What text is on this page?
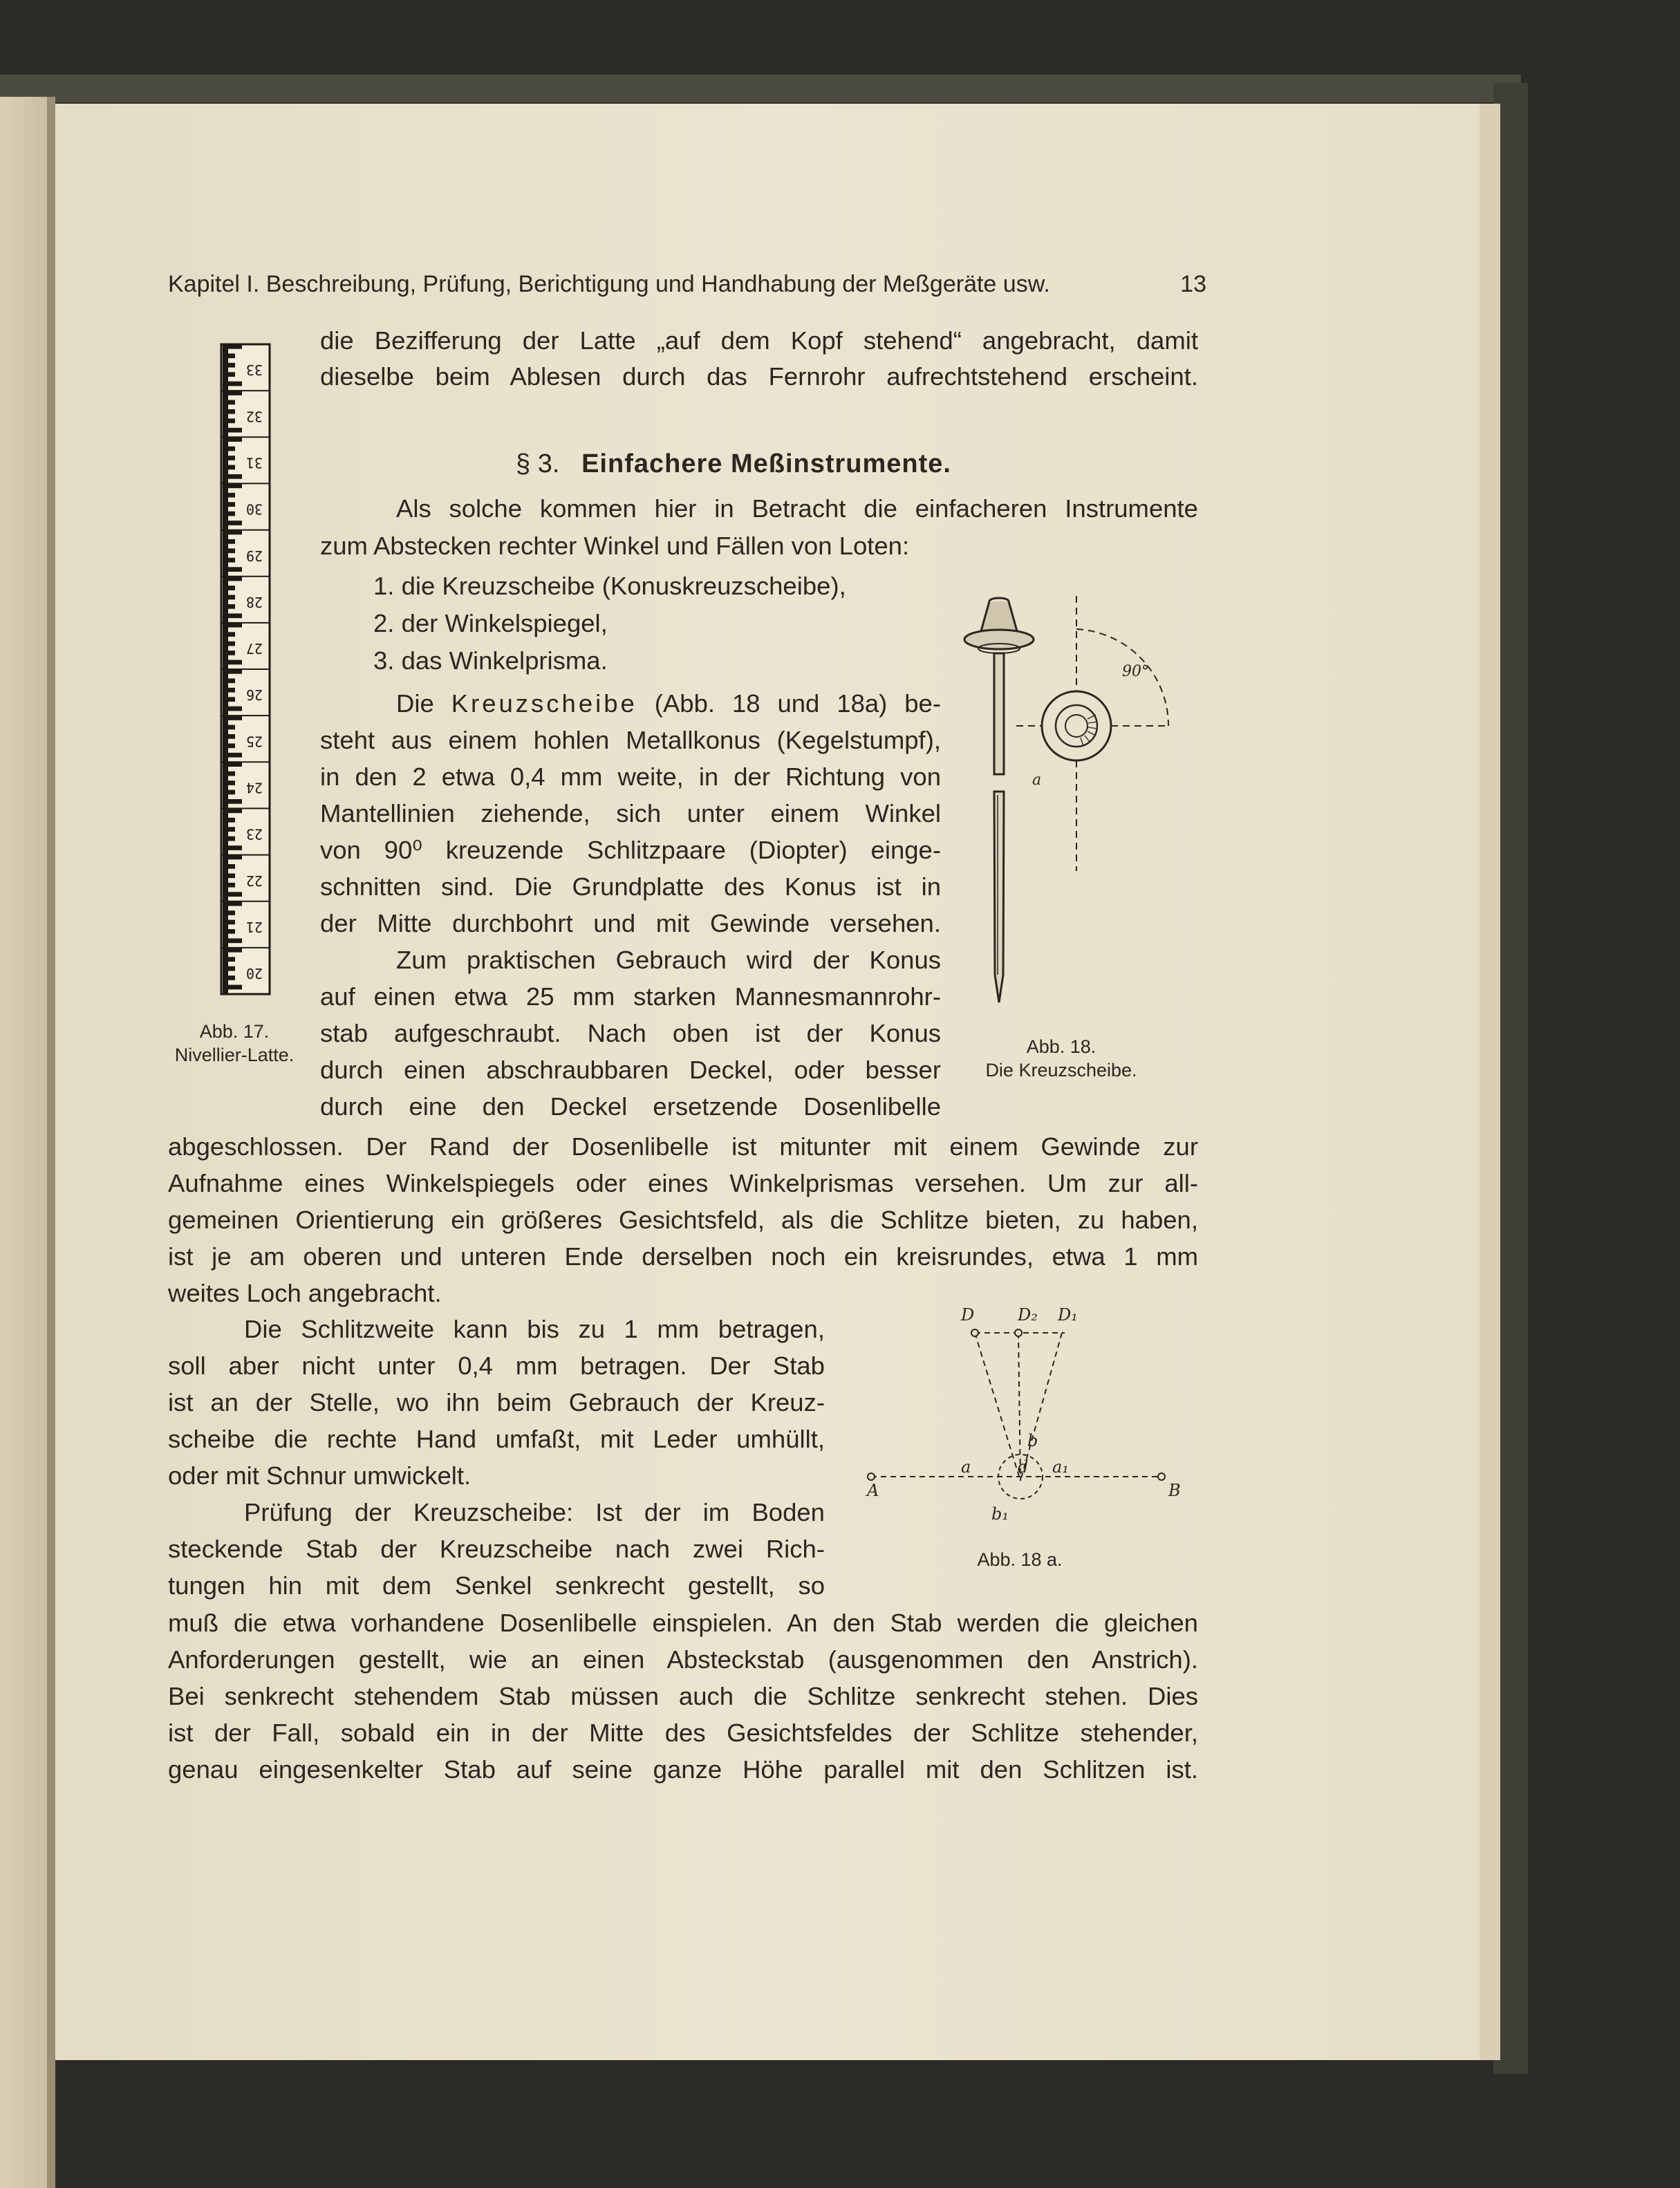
Kapitel I. Beschreibung, Prüfung, Berichtigung und Handhabung der Meßgeräte usw.	13
die Bezifferung der Latte „auf dem Kopf stehend“ angebracht, damit
dieselbe beim Ablesen durch das Fernrohr aufrechtstehend erscheint.
§ 3. Einfachere Meßinstrumente.
Als solche kommen hier in Betracht die einfacheren Instrumente
zum Abstecken rechter Winkel und Fällen von Loten:
1. die Kreuzscheibe (Konuskreuzscheibe),
2. der Winkelspiegel,
3. das Winkelprisma.
Die Kreuzscheibe (Abb. 18 und 18a) be-
steht aus einem hohlen Metallkonus (Kegelstumpf),
in den 2 etwa 0,4 mm weite, in der Richtung von
Mantellinien ziehende, sich unter einem Winkel
von 90⁰ kreuzende Schlitzpaare (Diopter) einge-
schnitten sind. Die Grundplatte des Konus ist in
der Mitte durchbohrt und mit Gewinde versehen.
Zum praktischen Gebrauch wird der Konus
auf einen etwa 25 mm starken Mannesmannrohr-
stab aufgeschraubt. Nach oben ist der Konus
durch einen abschraubbaren Deckel, oder besser
durch eine den Deckel ersetzende Dosenlibelle
abgeschlossen. Der Rand der Dosenlibelle ist mitunter mit einem Gewinde zur
Aufnahme eines Winkelspiegels oder eines Winkelprismas versehen. Um zur all-
gemeinen Orientierung ein größeres Gesichtsfeld, als die Schlitze bieten, zu haben,
ist je am oberen und unteren Ende derselben noch ein kreisrundes, etwa 1 mm
weites Loch angebracht.
Die Schlitzweite kann bis zu 1 mm betragen,
soll aber nicht unter 0,4 mm betragen. Der Stab
ist an der Stelle, wo ihn beim Gebrauch der Kreuz-
scheibe die rechte Hand umfaßt, mit Leder umhüllt,
oder mit Schnur umwickelt.
Prüfung der Kreuzscheibe: Ist der im Boden
steckende Stab der Kreuzscheibe nach zwei Rich-
tungen hin mit dem Senkel senkrecht gestellt, so
muß die etwa vorhandene Dosenlibelle einspielen. An den Stab werden die gleichen
Anforderungen gestellt, wie an einen Absteckstab (ausgenommen den Anstrich).
Bei senkrecht stehendem Stab müssen auch die Schlitze senkrecht stehen. Dies
ist der Fall, sobald ein in der Mitte des Gesichtsfeldes der Schlitze stehender,
genau eingesenkelter Stab auf seine ganze Höhe parallel mit den Schlitzen ist.
33
32
31
30
29
28
27
26
25
24
23
22
21
20
Abb. 17.
Nivellier-Latte.
90°
a
Abb. 18.
Die Kreuzscheibe.
D	D₂ D₁
b
a	d a₁
A	B
b₁
Abb. 18 a.
